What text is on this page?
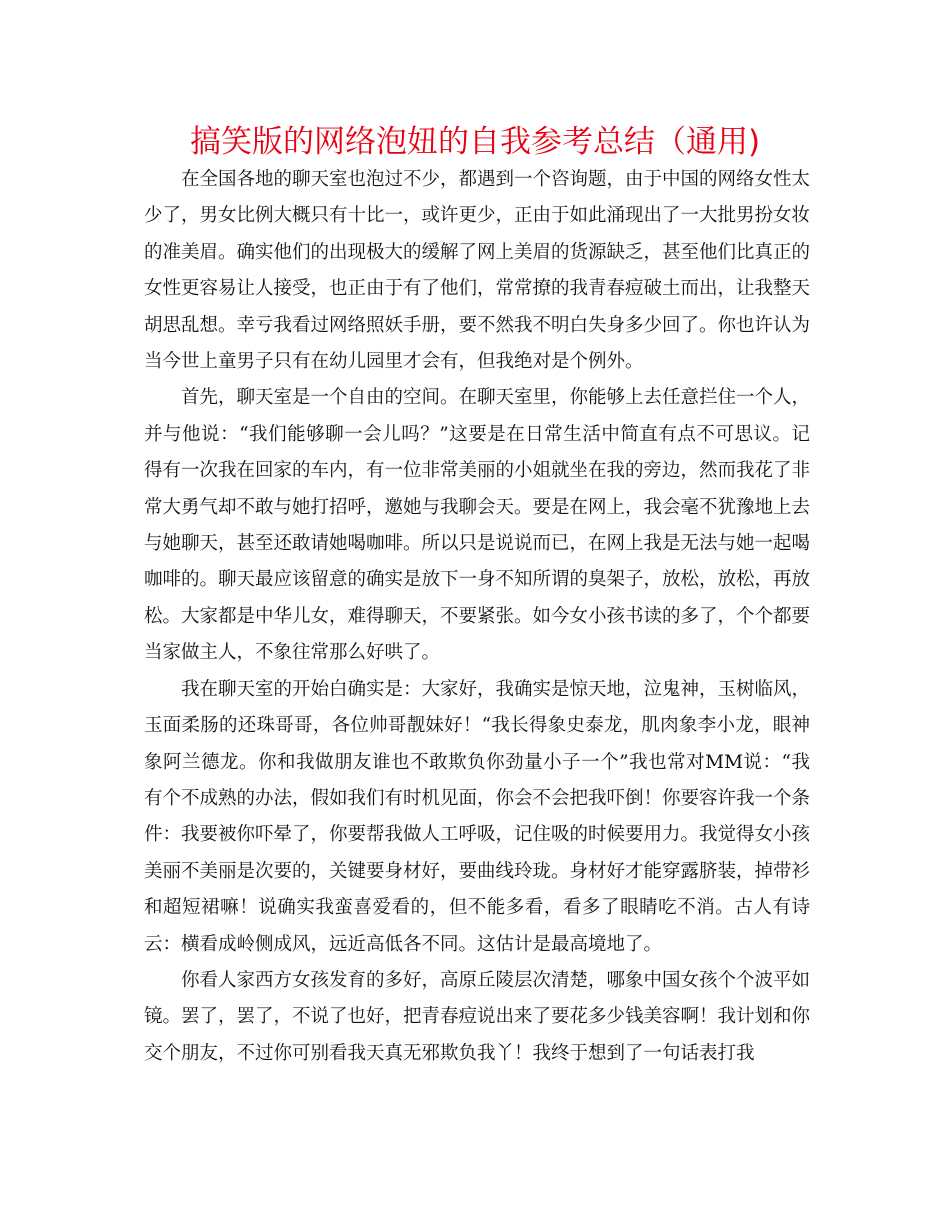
搞笑版的网络泡妞的自我参考总结（通用)

在全国各地的聊天室也泡过不少，都遇到一个咨询题，由于中国的网络女性太少了，男女比例大概只有十比一，或许更少，正由于如此涌现出了一大批男扮女妆的准美眉。确实他们的出现极大的缓解了网上美眉的货源缺乏，甚至他们比真正的女性更容易让人接受，也正由于有了他们，常常撩的我青春痘破土而出，让我整天胡思乱想。幸亏我看过网络照妖手册，要不然我不明白失身多少回了。你也许认为当今世上童男子只有在幼儿园里才会有，但我绝对是个例外。

首先，聊天室是一个自由的空间。在聊天室里，你能够上去任意拦住一个人，并与他说：“我们能够聊一会儿吗？”这要是在日常生活中简直有点不可思议。记得有一次我在回家的车内，有一位非常美丽的小姐就坐在我的旁边，然而我花了非常大勇气却不敢与她打招呼，邀她与我聊会天。要是在网上，我会毫不犹豫地上去与她聊天，甚至还敢请她喝咖啡。所以只是说说而已，在网上我是无法与她一起喝咖啡的。聊天最应该留意的确实是放下一身不知所谓的臭架子，放松，放松，再放松。大家都是中华儿女，难得聊天，不要紧张。如今女小孩书读的多了，个个都要当家做主人，不象往常那么好哄了。

我在聊天室的开始白确实是：大家好，我确实是惊天地，泣鬼神，玉树临风，玉面柔肠的还珠哥哥，各位帅哥靓妹好！“我长得象史泰龙，肌肉象李小龙，眼神象阿兰德龙。你和我做朋友谁也不敢欺负你劲量小子一个”我也常对MM说：“我有个不成熟的办法，假如我们有时机见面，你会不会把我吓倒！你要容许我一个条件：我要被你吓晕了，你要帮我做人工呼吸，记住吸的时候要用力。我觉得女小孩美丽不美丽是次要的，关键要身材好，要曲线玲珑。身材好才能穿露脐装，掉带衫和超短裙嘛！说确实我蛮喜爱看的，但不能多看，看多了眼睛吃不消。古人有诗云：横看成岭侧成风，远近高低各不同。这估计是最高境地了。

你看人家西方女孩发育的多好，高原丘陵层次清楚，哪象中国女孩个个波平如镜。罢了，罢了，不说了也好，把青春痘说出来了要花多少钱美容啊！我计划和你交个朋友，不过你可别看我天真无邪欺负我丫！我终于想到了一句话表打我
